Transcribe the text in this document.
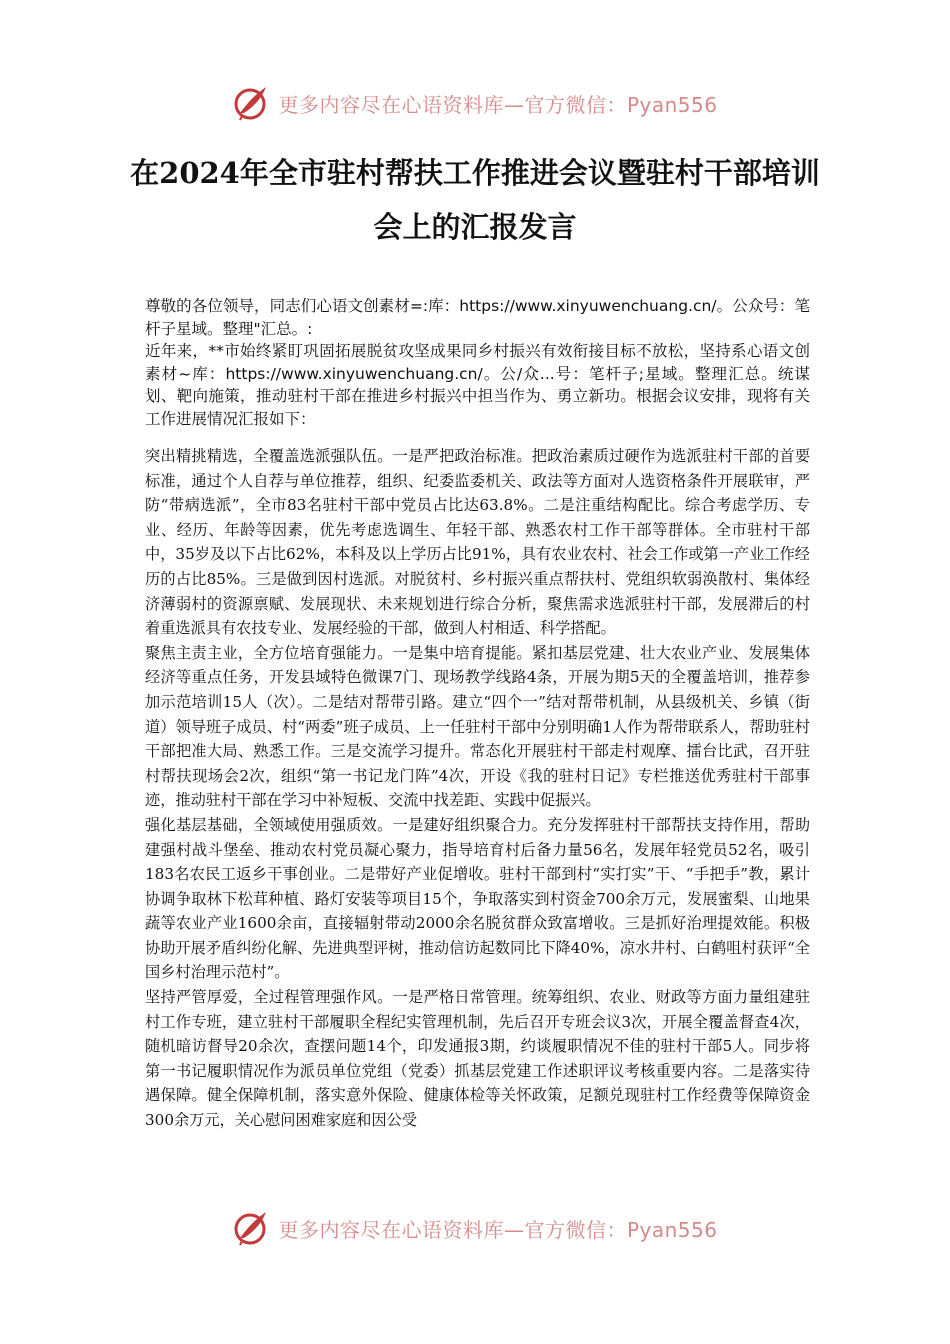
更多内容尽在心语资料库—官方微信：Pyan556
在2024年全市驻村帮扶工作推进会议暨驻村干部培训会上的汇报发言

尊敬的各位领导，同志们心语文创素材=:库：https://www.xinyuwenchuang.cn/。公众号：笔杆子星域。整理"汇总。:

近年来，**市始终紧盯巩固拓展脱贫攻坚成果同乡村振兴有效衔接目标不放松，坚持系心语文创素材~库：https://www.xinyuwenchuang.cn/。公/众...号：笔杆子;星域。整理汇总。统谋划、靶向施策，推动驻村干部在推进乡村振兴中担当作为、勇立新功。根据会议安排，现将有关工作进展情况汇报如下：

突出精挑精选，全覆盖选派强队伍。一是严把政治标准。把政治素质过硬作为选派驻村干部的首要标准，通过个人自荐与单位推荐，组织、纪委监委机关、政法等方面对人选资格条件开展联审，严防“带病选派”，全市83名驻村干部中党员占比达63.8%。二是注重结构配比。综合考虑学历、专业、经历、年龄等因素，优先考虑选调生、年轻干部、熟悉农村工作干部等群体。全市驻村干部中，35岁及以下占比62%，本科及以上学历占比91%，具有农业农村、社会工作或第一产业工作经历的占比85%。三是做到因村选派。对脱贫村、乡村振兴重点帮扶村、党组织软弱涣散村、集体经济薄弱村的资源禀赋、发展现状、未来规划进行综合分析，聚焦需求选派驻村干部，发展滞后的村着重选派具有农技专业、发展经验的干部，做到人村相适、科学搭配。

聚焦主责主业，全方位培育强能力。一是集中培育提能。紧扣基层党建、壮大农业产业、发展集体经济等重点任务，开发县域特色微课7门、现场教学线路4条，开展为期5天的全覆盖培训，推荐参加示范培训15人（次）。二是结对帮带引路。建立“四个一”结对帮带机制，从县级机关、乡镇（街道）领导班子成员、村“两委”班子成员、上一任驻村干部中分别明确1人作为帮带联系人，帮助驻村干部把准大局、熟悉工作。三是交流学习提升。常态化开展驻村干部走村观摩、擂台比武，召开驻村帮扶现场会2次，组织“第一书记龙门阵”4次，开设《我的驻村日记》专栏推送优秀驻村干部事迹，推动驻村干部在学习中补短板、交流中找差距、实践中促振兴。

强化基层基础，全领域使用强质效。一是建好组织聚合力。充分发挥驻村干部帮扶支持作用，帮助建强村战斗堡垒、推动农村党员凝心聚力，指导培育村后备力量56名，发展年轻党员52名，吸引183名农民工返乡干事创业。二是带好产业促增收。驻村干部到村“实打实”干、“手把手”教，累计协调争取林下松茸种植、路灯安装等项目15个，争取落实到村资金700余万元，发展蜜梨、山地果蔬等农业产业1600余亩，直接辐射带动2000余名脱贫群众致富增收。三是抓好治理提效能。积极协助开展矛盾纠纷化解、先进典型评树，推动信访起数同比下降40%，凉水井村、白鹤咀村获评“全国乡村治理示范村”。

坚持严管厚爱，全过程管理强作风。一是严格日常管理。统筹组织、农业、财政等方面力量组建驻村工作专班，建立驻村干部履职全程纪实管理机制，先后召开专班会议3次，开展全覆盖督查4次，随机暗访督导20余次，查摆问题14个，印发通报3期，约谈履职情况不佳的驻村干部5人。同步将第一书记履职情况作为派员单位党组（党委）抓基层党建工作述职评议考核重要内容。二是落实待遇保障。健全保障机制，落实意外保险、健康体检等关怀政策，足额兑现驻村工作经费等保障资金300余万元，关心慰问困难家庭和因公受

更多内容尽在心语资料库—官方微信：Pyan556
